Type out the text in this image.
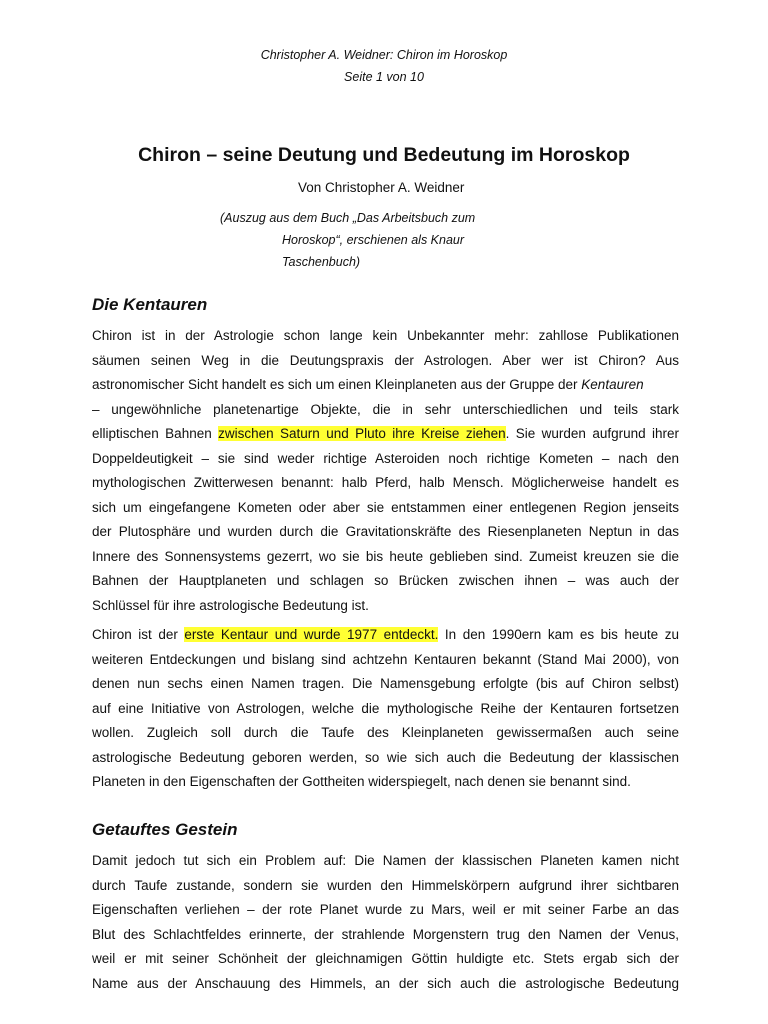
Christopher A. Weidner: Chiron im Horoskop
Seite 1 von 10
Chiron – seine Deutung und Bedeutung im Horoskop
Von Christopher A. Weidner
(Auszug aus dem Buch „Das Arbeitsbuch zum
Horoskop“, erschienen als Knaur
Taschenbuch)
Die Kentauren
Chiron ist in der Astrologie schon lange kein Unbekannter mehr: zahllose Publikationen
säumen seinen Weg in die Deutungspraxis der Astrologen. Aber wer ist Chiron? Aus
astronomischer Sicht handelt es sich um einen Kleinplaneten aus der Gruppe der Kentauren
– ungewöhnliche planetenartige Objekte, die in sehr unterschiedlichen und teils stark
elliptischen Bahnen zwischen Saturn und Pluto ihre Kreise ziehen. Sie wurden aufgrund ihrer
Doppeldeutigkeit – sie sind weder richtige Asteroiden noch richtige Kometen – nach den
mythologischen Zwitterwesen benannt: halb Pferd, halb Mensch. Möglicherweise handelt es
sich um eingefangene Kometen oder aber sie entstammen einer entlegenen Region jenseits
der Plutosphäre und wurden durch die Gravitationskräfte des Riesenplaneten Neptun in das
Innere des Sonnensystems gezerrt, wo sie bis heute geblieben sind. Zumeist kreuzen sie die
Bahnen der Hauptplaneten und schlagen so Brücken zwischen ihnen – was auch der
Schlüssel für ihre astrologische Bedeutung ist.
Chiron ist der erste Kentaur und wurde 1977 entdeckt. In den 1990ern kam es bis heute zu
weiteren Entdeckungen und bislang sind achtzehn Kentauren bekannt (Stand Mai 2000), von
denen nun sechs einen Namen tragen. Die Namensgebung erfolgte (bis auf Chiron selbst)
auf eine Initiative von Astrologen, welche die mythologische Reihe der Kentauren fortsetzen
wollen. Zugleich soll durch die Taufe des Kleinplaneten gewissermaßen auch seine
astrologische Bedeutung geboren werden, so wie sich auch die Bedeutung der klassischen
Planeten in den Eigenschaften der Gottheiten widerspiegelt, nach denen sie benannt sind.
Getauftes Gestein
Damit jedoch tut sich ein Problem auf: Die Namen der klassischen Planeten kamen nicht
durch Taufe zustande, sondern sie wurden den Himmelskörpern aufgrund ihrer sichtbaren
Eigenschaften verliehen – der rote Planet wurde zu Mars, weil er mit seiner Farbe an das
Blut des Schlachtfeldes erinnerte, der strahlende Morgenstern trug den Namen der Venus,
weil er mit seiner Schönheit der gleichnamigen Göttin huldigte etc. Stets ergab sich der
Name aus der Anschauung des Himmels, an der sich auch die astrologische Bedeutung
